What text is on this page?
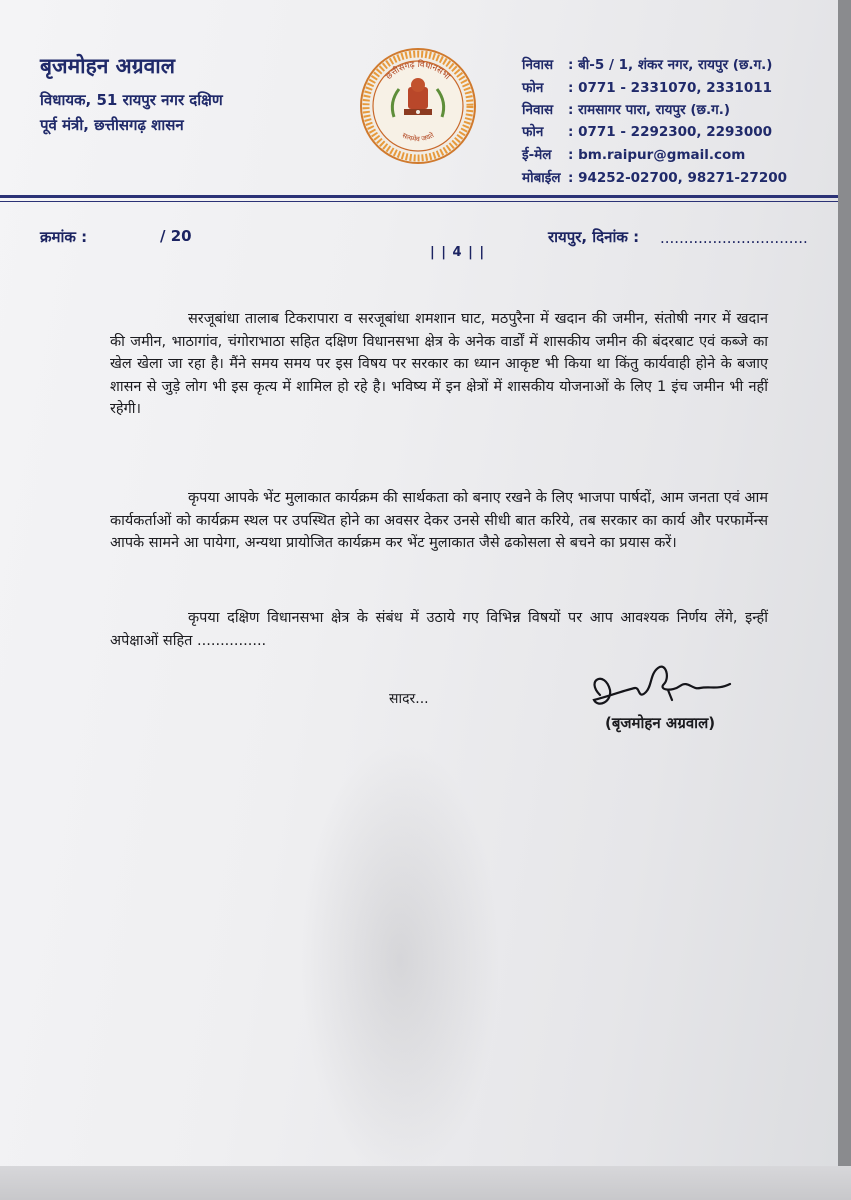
बृजमोहन अग्रवाल
विधायक, 51 रायपुर नगर दक्षिण
पूर्व मंत्री, छत्तीसगढ़ शासन
छत्तीसगढ़ विधानसभा
सत्यमेव जयते
निवास : बी-5 / 1, शंकर नगर, रायपुर (छ.ग.)
फोन : 0771 - 2331070, 2331011
निवास : रामसागर पारा, रायपुर (छ.ग.)
फोन : 0771 - 2292300, 2293000
ई-मेल : bm.raipur@gmail.com
मोबाईल : 94252-02700, 98271-27200
क्रमांक :	/ 20
| | 4 | |
रायपुर, दिनांक : ...............................
सरजूबांधा तालाब टिकरापारा व सरजूबांधा शमशान घाट, मठपुरैना में खदान की जमीन, संतोषी नगर में खदान की जमीन, भाठागांव, चंगोराभाठा सहित दक्षिण विधानसभा क्षेत्र के अनेक वार्डों में शासकीय जमीन की बंदरबाट एवं कब्जे का खेल खेला जा रहा है। मैंने समय समय पर इस विषय पर सरकार का ध्यान आकृष्ट भी किया था किंतु कार्यवाही होने के बजाए शासन से जुड़े लोग भी इस कृत्य में शामिल हो रहे है। भविष्य में इन क्षेत्रों में शासकीय योजनाओं के लिए 1 इंच जमीन भी नहीं रहेगी।
कृपया आपके भेंट मुलाकात कार्यक्रम की सार्थकता को बनाए रखने के लिए भाजपा पार्षदों, आम जनता एवं आम कार्यकर्ताओं को कार्यक्रम स्थल पर उपस्थित होने का अवसर देकर उनसे सीधी बात करिये, तब सरकार का कार्य और परफार्मेन्स आपके सामने आ पायेगा, अन्यथा प्रायोजित कार्यक्रम कर भेंट मुलाकात जैसे ढकोसला से बचने का प्रयास करें।
कृपया दक्षिण विधानसभा क्षेत्र के संबंध में उठाये गए विभिन्न विषयों पर आप आवश्यक निर्णय लेंगे, इन्हीं अपेक्षाओं सहित ...............
सादर...
(बृजमोहन अग्रवाल)
